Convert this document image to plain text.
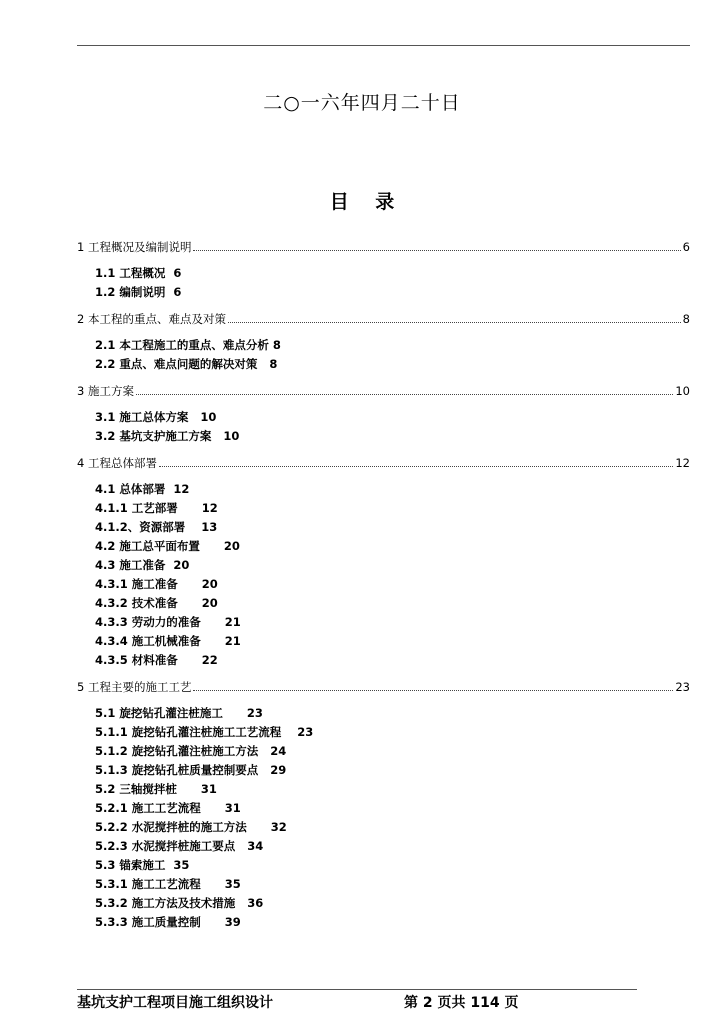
二○一六年四月二十日
目 录
1 工程概况及编制说明	6
1.1 工程概况  6
1.2 编制说明  6
2 本工程的重点、难点及对策	8
2.1 本工程施工的重点、难点分析 8
2.2 重点、难点问题的解决对策   8
3 施工方案	10
3.1 施工总体方案   10
3.2 基坑支护施工方案   10
4 工程总体部署	12
4.1 总体部署  12
4.1.1 工艺部署      12
4.1.2、资源部署    13
4.2 施工总平面布置      20
4.3 施工准备  20
4.3.1 施工准备      20
4.3.2 技术准备      20
4.3.3 劳动力的准备      21
4.3.4 施工机械准备      21
4.3.5 材料准备      22
5 工程主要的施工工艺	23
5.1 旋挖钻孔灌注桩施工      23
5.1.1 旋挖钻孔灌注桩施工工艺流程    23
5.1.2 旋挖钻孔灌注桩施工方法   24
5.1.3 旋挖钻孔桩质量控制要点   29
5.2 三轴搅拌桩      31
5.2.1 施工工艺流程      31
5.2.2 水泥搅拌桩的施工方法      32
5.2.3 水泥搅拌桩施工要点   34
5.3 锚索施工  35
5.3.1 施工工艺流程      35
5.3.2 施工方法及技术措施   36
5.3.3 施工质量控制      39
基坑支护工程项目施工组织设计	第 2 页共 114 页
